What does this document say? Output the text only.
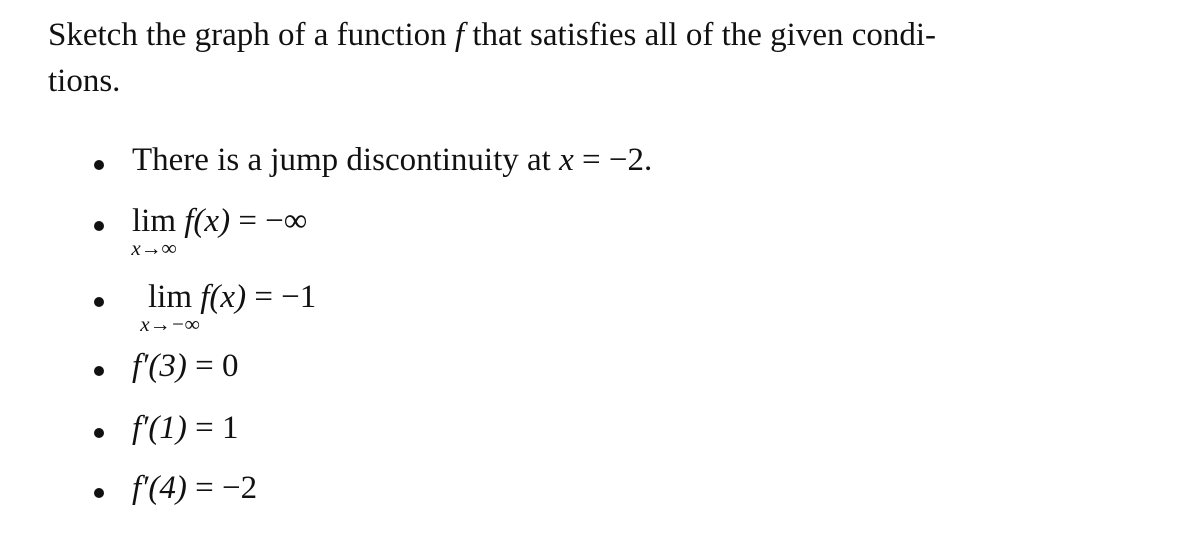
Sketch the graph of a function f that satisfies all of the given condi-
tions.

There is a jump discontinuity at x = −2.
lim
x→∞
f(x) = −∞
lim
x→−∞
f(x) = −1
f′(3) = 0
f′(1) = 1
f′(4) = −2
